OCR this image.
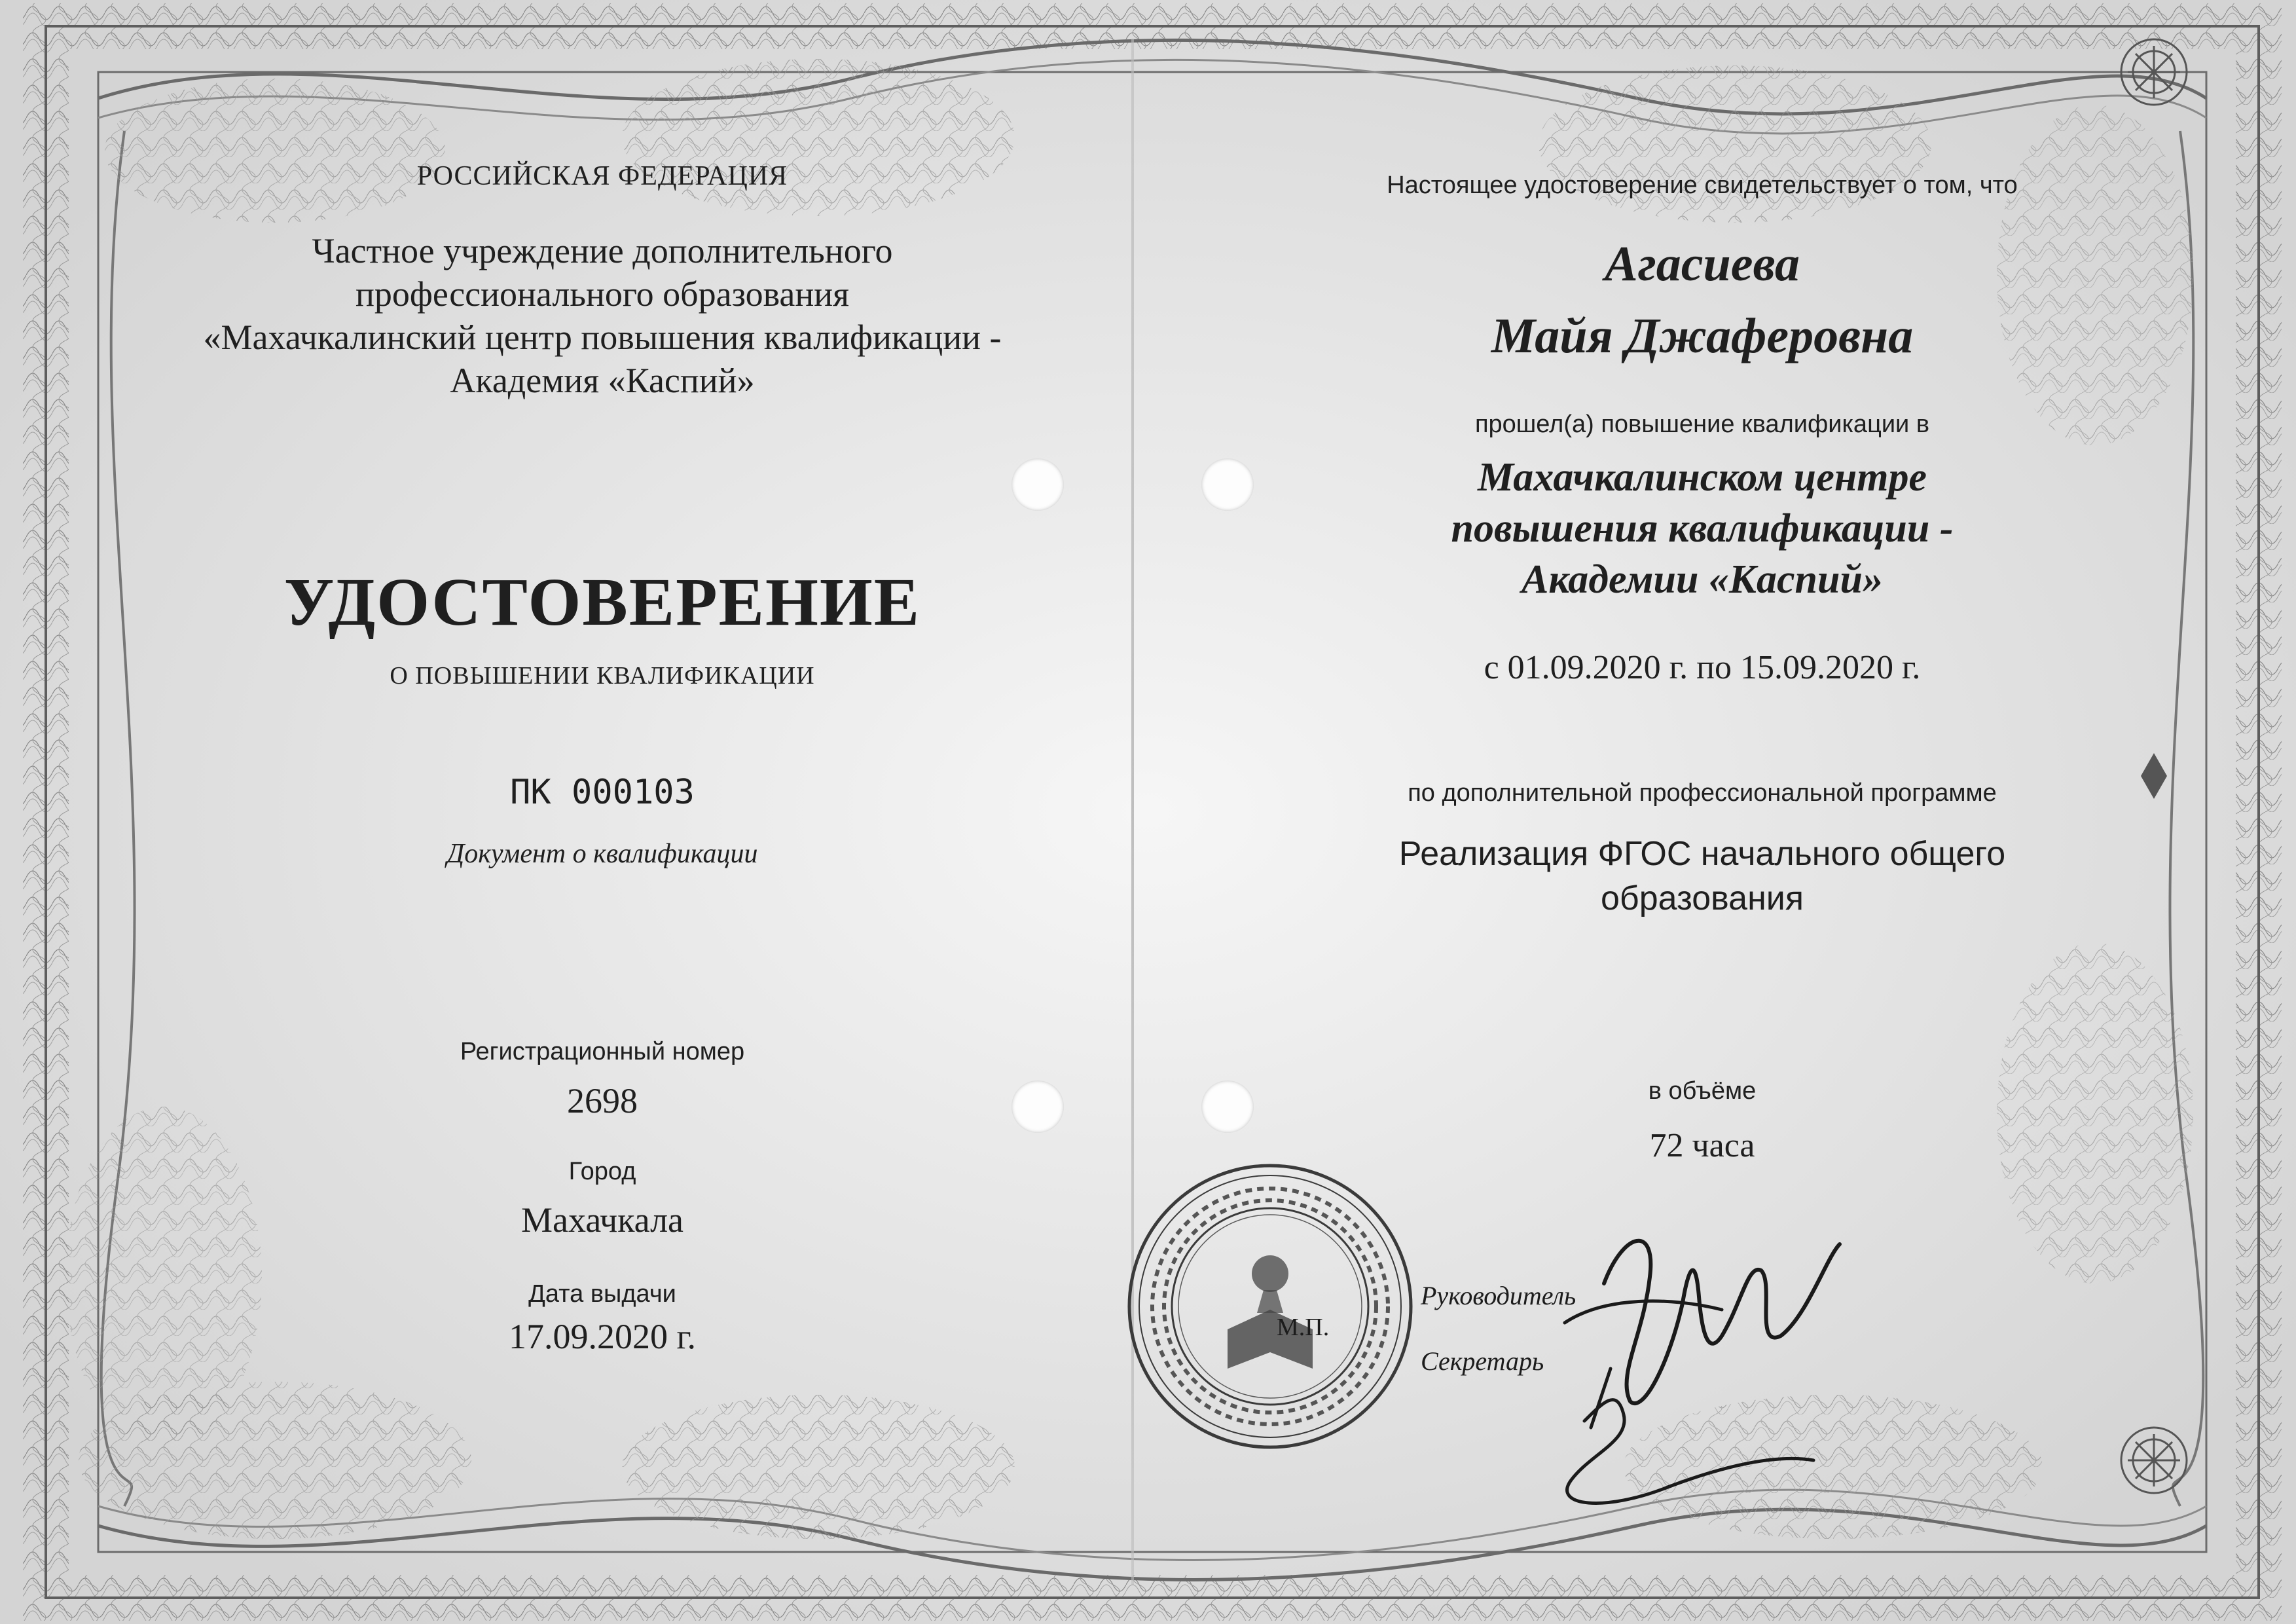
РОССИЙСКАЯ ФЕДЕРАЦИЯ
Частное учреждение дополнительного
профессионального образования
«Махачкалинский центр повышения квалификации -
Академия «Каспий»
УДОСТОВЕРЕНИЕ
О ПОВЫШЕНИИ КВАЛИФИКАЦИИ
ПК 000103
Документ о квалификации
Регистрационный номер
2698
Город
Махачкала
Дата выдачи
17.09.2020 г.
Настоящее удостоверение свидетельствует о том, что
Агасиева
Майя Джаферовна
прошел(а) повышение квалификации в
Махачкалинском центре
повышения квалификации -
Академии «Каспий»
с 01.09.2020 г. по 15.09.2020 г.
по дополнительной профессиональной программе
Реализация ФГОС начального общего
образования
в объёме
72 часа
М.П.
Руководитель
Секретарь
